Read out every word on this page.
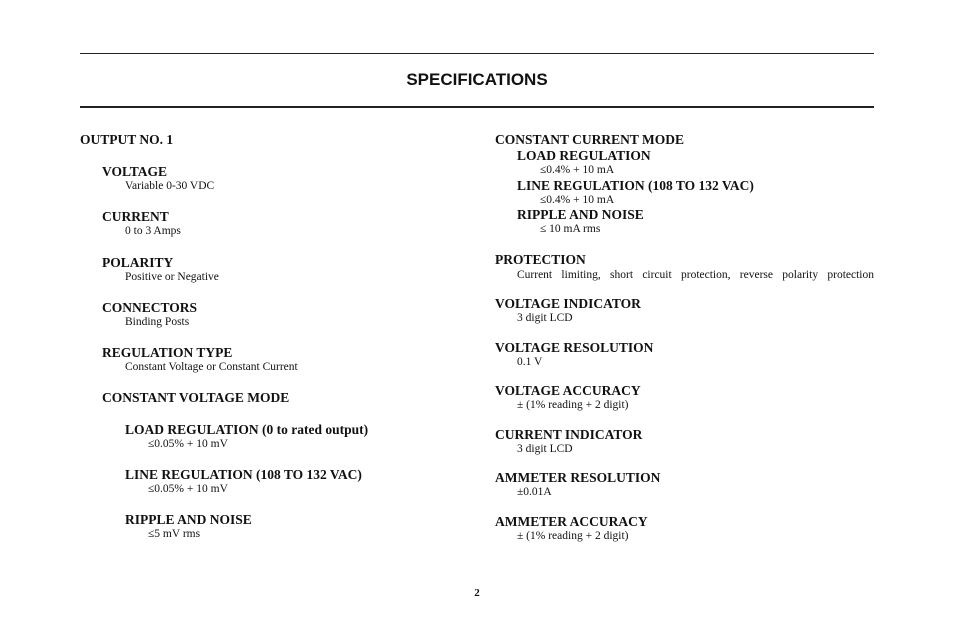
SPECIFICATIONS
OUTPUT NO. 1
VOLTAGE
Variable 0-30 VDC
CURRENT
0 to 3 Amps
POLARITY
Positive or Negative
CONNECTORS
Binding Posts
REGULATION TYPE
Constant Voltage or Constant Current
CONSTANT VOLTAGE MODE
LOAD REGULATION (0 to rated output)
≤0.05% + 10 mV
LINE REGULATION (108 TO 132 VAC)
≤0.05% + 10 mV
RIPPLE AND NOISE
≤5 mV rms
CONSTANT CURRENT MODE
LOAD REGULATION
≤0.4% + 10 mA
LINE REGULATION (108 TO 132 VAC)
≤0.4% + 10 mA
RIPPLE AND NOISE
≤ 10 mA rms
PROTECTION
Current limiting, short circuit protection, reverse polarity protection
VOLTAGE INDICATOR
3 digit LCD
VOLTAGE RESOLUTION
0.1 V
VOLTAGE ACCURACY
± (1% reading + 2 digit)
CURRENT INDICATOR
3 digit LCD
AMMETER RESOLUTION
±0.01A
AMMETER ACCURACY
± (1% reading + 2 digit)
2
